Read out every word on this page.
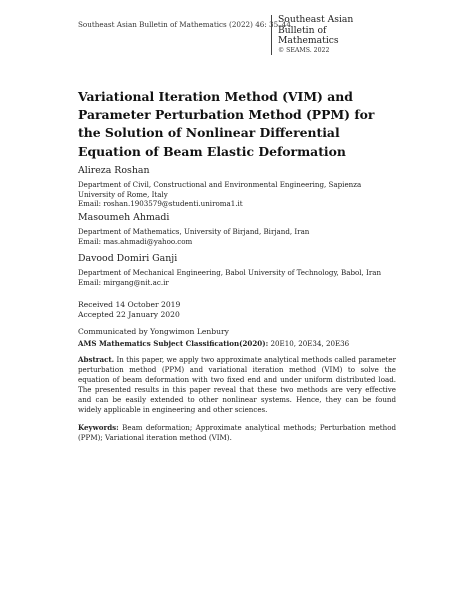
Southeast Asian Bulletin of Mathematics (2022) 46: 35–44
Southeast Asian
Bulletin of
Mathematics
© SEAMS. 2022
Variational Iteration Method (VIM) and Parameter Perturbation Method (PPM) for the Solution of Nonlinear Differential Equation of Beam Elastic Deformation
Alireza Roshan
Department of Civil, Constructional and Environmental Engineering, Sapienza University of Rome, Italy
Email: roshan.1903579@studenti.uniroma1.it
Masoumeh Ahmadi
Department of Mathematics, University of Birjand, Birjand, Iran
Email: mas.ahmadi@yahoo.com
Davood Domiri Ganji
Department of Mechanical Engineering, Babol University of Technology, Babol, Iran
Email: mirgang@nit.ac.ir
Received 14 October 2019
Accepted 22 January 2020
Communicated by Yongwimon Lenbury
AMS Mathematics Subject Classification(2020): 20E10, 20E34, 20E36

Abstract. In this paper, we apply two approximate analytical methods called parameter perturbation method (PPM) and variational iteration method (VIM) to solve the equation of beam deformation with two fixed end and under uniform distributed load. The presented results in this paper reveal that these two methods are very effective and can be easily extended to other nonlinear systems. Hence, they can be found widely applicable in engineering and other sciences.

Keywords: Beam deformation; Approximate analytical methods; Perturbation method (PPM); Variational iteration method (VIM).
